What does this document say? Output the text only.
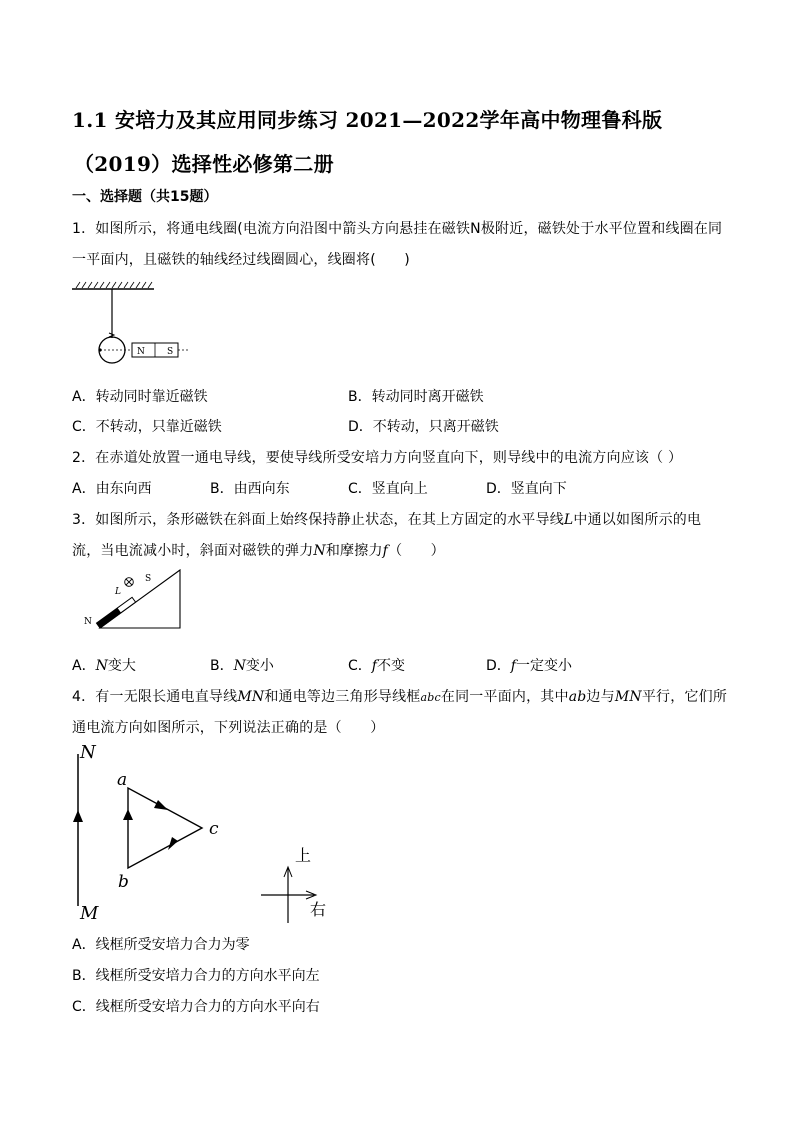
1.1 安培力及其应用同步练习 2021—2022学年高中物理鲁科版
（2019）选择性必修第二册
一、选择题（共15题）
1．如图所示，将通电线圈(电流方向沿图中箭头方向悬挂在磁铁N极附近，磁铁处于水平位置和线圈在同
一平面内，且磁铁的轴线经过线圈圆心，线圈将(　　)
N S
A．转动同时靠近磁铁	B．转动同时离开磁铁
C．不转动，只靠近磁铁	D．不转动，只离开磁铁
2．在赤道处放置一通电导线，要使导线所受安培力方向竖直向下，则导线中的电流方向应该（ ）
A．由东向西	B．由西向东	C．竖直向上	D．竖直向下
3．如图所示，条形磁铁在斜面上始终保持静止状态，在其上方固定的水平导线L中通以如图所示的电
流，当电流减小时，斜面对磁铁的弹力N和摩擦力f（　　）
L
S
N
A．N变大	B．N变小	C．f不变	D．f一定变小
4．有一无限长通电直导线MN和通电等边三角形导线框abc在同一平面内，其中ab边与MN平行，它们所
通电流方向如图所示，下列说法正确的是（　　）
N
M
a
b
c
上
右
A．线框所受安培力合力为零
B．线框所受安培力合力的方向水平向左
C．线框所受安培力合力的方向水平向右
